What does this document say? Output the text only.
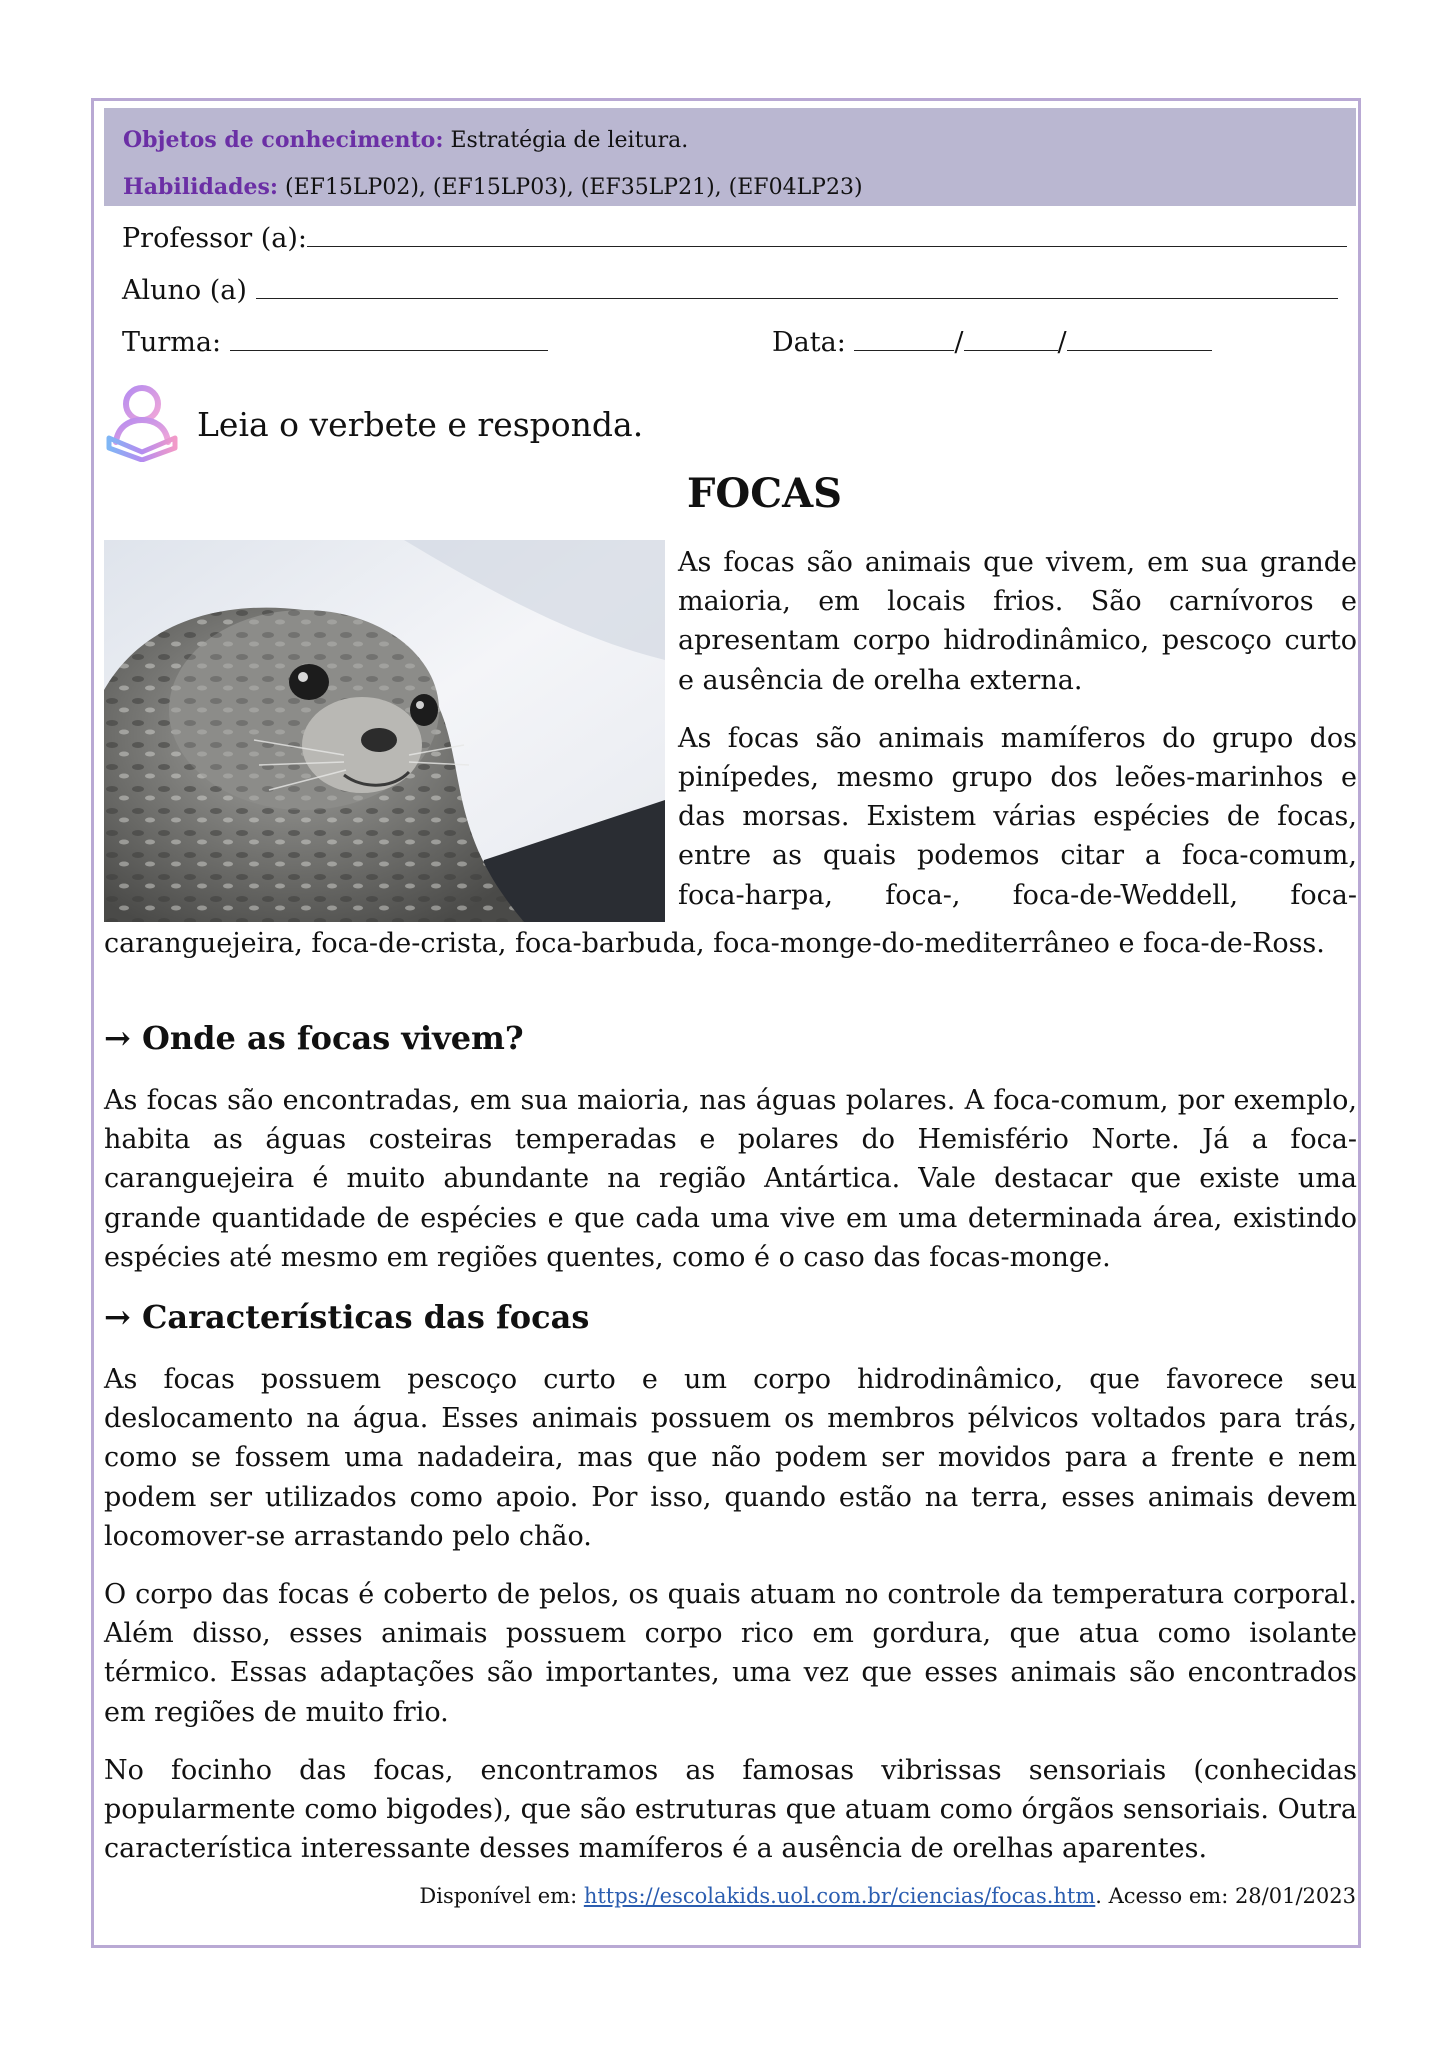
Objetos de conhecimento: Estratégia de leitura.
Habilidades: (EF15LP02), (EF15LP03), (EF35LP21), (EF04LP23)
Professor (a):
Aluno (a)
Turma:	Data:	/	/
Leia o verbete e responda.
FOCAS

As focas são animais que vivem, em sua grande maioria, em locais frios. São carnívoros e apresentam corpo hidrodinâmico, pescoço curto e ausência de orelha externa.

As focas são animais mamíferos do grupo dos pinípedes, mesmo grupo dos leões-marinhos e das morsas. Existem várias espécies de focas, entre as quais podemos citar a foca-comum, foca-harpa, foca-, foca-de-Weddell, foca-

caranguejeira, foca-de-crista, foca-barbuda, foca-monge-do-mediterrâneo e foca-de-Ross.

→ Onde as focas vivem?

As focas são encontradas, em sua maioria, nas águas polares. A foca-comum, por exemplo, habita as águas costeiras temperadas e polares do Hemisfério Norte. Já a foca-caranguejeira é muito abundante na região Antártica. Vale destacar que existe uma grande quantidade de espécies e que cada uma vive em uma determinada área, existindo espécies até mesmo em regiões quentes, como é o caso das focas-monge.

→ Características das focas

As focas possuem pescoço curto e um corpo hidrodinâmico, que favorece seu deslocamento na água. Esses animais possuem os membros pélvicos voltados para trás, como se fossem uma nadadeira, mas que não podem ser movidos para a frente e nem podem ser utilizados como apoio. Por isso, quando estão na terra, esses animais devem locomover-se arrastando pelo chão.

O corpo das focas é coberto de pelos, os quais atuam no controle da temperatura corporal. Além disso, esses animais possuem corpo rico em gordura, que atua como isolante térmico. Essas adaptações são importantes, uma vez que esses animais são encontrados em regiões de muito frio.

No focinho das focas, encontramos as famosas vibrissas sensoriais (conhecidas popularmente como bigodes), que são estruturas que atuam como órgãos sensoriais. Outra característica interessante desses mamíferos é a ausência de orelhas aparentes.

Disponível em: https://escolakids.uol.com.br/ciencias/focas.htm. Acesso em: 28/01/2023
